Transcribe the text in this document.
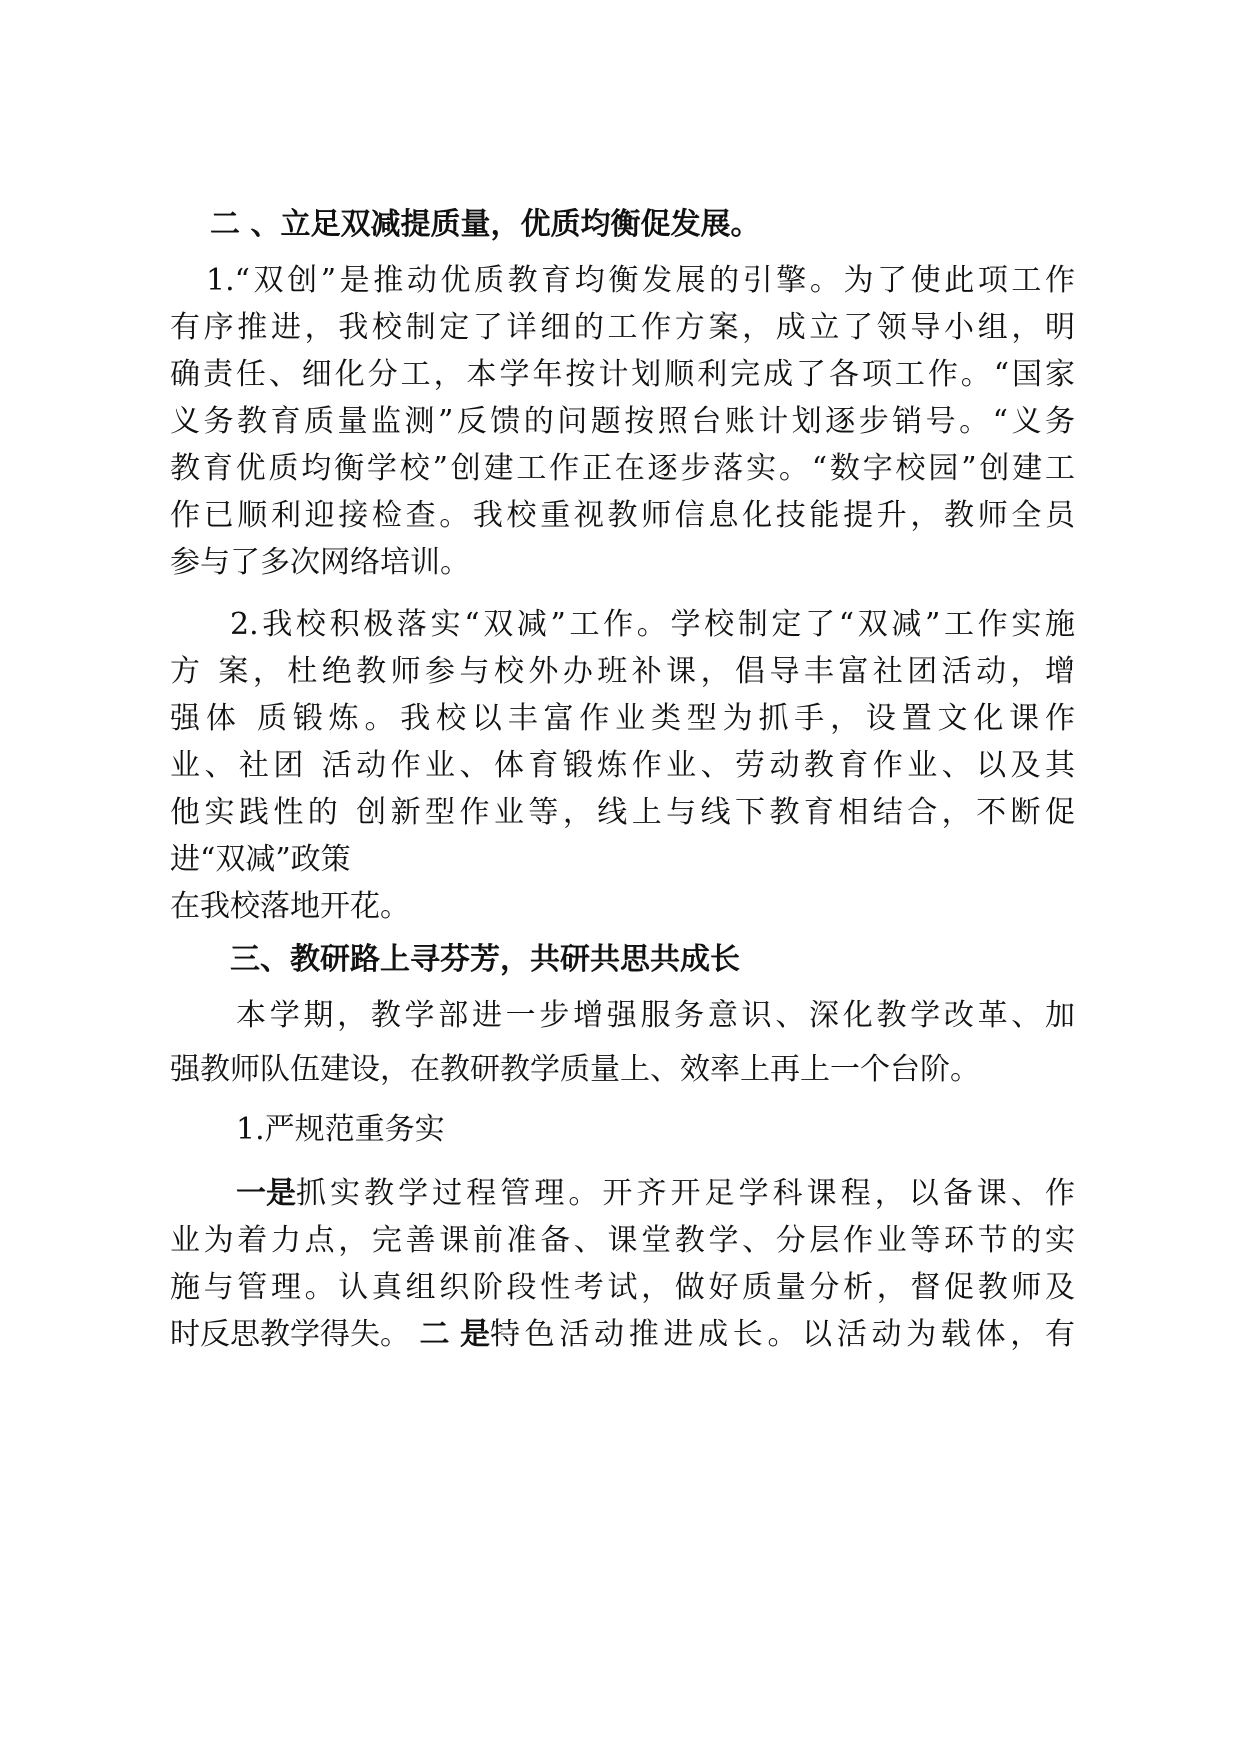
二 、立足双减提质量，优质均衡促发展。
1.“双创”是推动优质教育均衡发展的引擎。为了使此项工作
有序推进，我校制定了详细的工作方案，成立了领导小组，明
确责任、细化分工，本学年按计划顺利完成了各项工作。“国家
义务教育质量监测”反馈的问题按照台账计划逐步销号。“义务
教育优质均衡学校”创建工作正在逐步落实。“数字校园”创建工
作已顺利迎接检查。我校重视教师信息化技能提升，教师全员
参与了多次网络培训。
2.我校积极落实“双减”工作。学校制定了“双减”工作实施
方 案，杜绝教师参与校外办班补课，倡导丰富社团活动，增
强体 质锻炼。我校以丰富作业类型为抓手，设置文化课作
业、社团 活动作业、体育锻炼作业、劳动教育作业、以及其
他实践性的 创新型作业等，线上与线下教育相结合，不断促
进“双减”政策
在我校落地开花。
三、教研路上寻芬芳，共研共思共成长
本学期，教学部进一步增强服务意识、深化教学改革、加
强教师队伍建设，在教研教学质量上、效率上再上一个台阶。
1.严规范重务实
一是 抓实教学过程管理。开齐开足学科课程，以备课、作
业为着力点，完善课前准备、课堂教学、分层作业等环节的实
施与管理。认真组织阶段性考试，做好质量分析，督促教师及
时反思教学得失。 二 是 特色活动推进成长。以活动为载体，有
